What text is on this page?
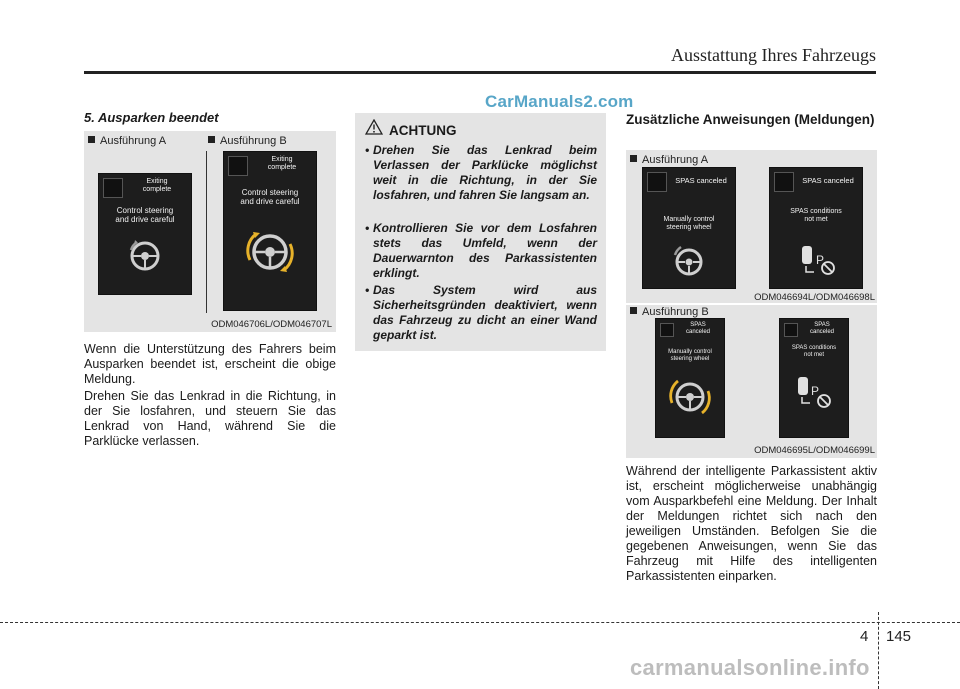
Ausstattung Ihres Fahrzeugs
CarManuals2.com
5. Ausparken beendet
Ausführung A	Ausführung B
Exiting
complete
Control steering
and drive careful
Exiting
complete
Control steering
and drive careful
ODM046706L/ODM046707L
Wenn die Unterstützung des Fahrers beim Ausparken beendet ist, erscheint die obige Meldung.
Drehen Sie das Lenkrad in die Richtung, in der Sie losfahren, und steuern Sie das Lenkrad von Hand, während Sie die Parklücke verlassen.
ACHTUNG
• Drehen Sie das Lenkrad beim Verlassen der Parklücke möglichst weit in die Richtung, in der Sie losfahren, und fahren Sie langsam an.
• Kontrollieren Sie vor dem Losfahren stets das Umfeld, wenn der Dauerwarnton des Parkassistenten erklingt.
• Das System wird aus Sicherheitsgründen deaktiviert, wenn das Fahrzeug zu dicht an einer Wand geparkt ist.
Zusätzliche Anweisungen (Meldungen)
Ausführung A
SPAS canceled
Manually control
steering wheel
SPAS canceled
SPAS conditions
not met
P
ODM046694L/ODM046698L
Ausführung B
SPAS
canceled
Manually control
steering wheel
SPAS
canceled
SPAS conditions
not met
P
ODM046695L/ODM046699L
Während der intelligente Parkassistent aktiv ist, erscheint möglicherweise unabhängig vom Ausparkbefehl eine Meldung. Der Inhalt der Meldungen richtet sich nach den jeweiligen Umständen. Befolgen Sie die gegebenen Anweisungen, wenn Sie das Fahrzeug mit Hilfe des intelligenten Parkassistenten einparken.
4 145
carmanualsonline.info
